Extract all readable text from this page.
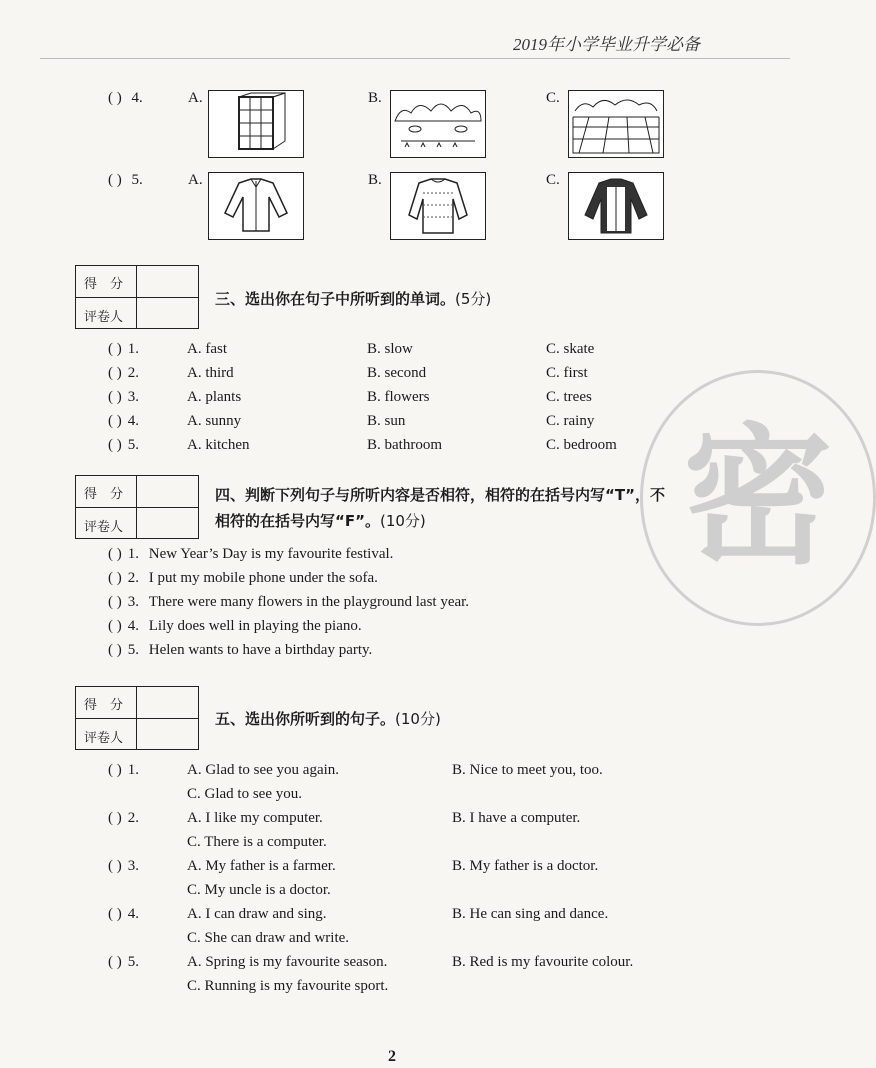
2019年小学毕业升学必备
密
( ) 4.	A.	B.	C.
( ) 5.	A.	B.	C.
得　分
评卷人
三、选出你在句子中所听到的单词。(5分)
( ) 1.	A. fast	B. slow	C. skate
( ) 2.	A. third	B. second	C. first
( ) 3.	A. plants	B. flowers	C. trees
( ) 4.	A. sunny	B. sun	C. rainy
( ) 5.	A. kitchen	B. bathroom	C. bedroom
得　分
评卷人
四、判断下列句子与所听内容是否相符，相符的在括号内写“T”，不
相符的在括号内写“F”。(10分)
( ) 1. New Year’s Day is my favourite festival.
( ) 2. I put my mobile phone under the sofa.
( ) 3. There were many flowers in the playground last year.
( ) 4. Lily does well in playing the piano.
( ) 5. Helen wants to have a birthday party.
得　分
评卷人
五、选出你所听到的句子。(10分)
( ) 1.	A. Glad to see you again.	B. Nice to meet you, too.
C. Glad to see you.
( ) 2.	A. I like my computer.	B. I have a computer.
C. There is a computer.
( ) 3.	A. My father is a farmer.	B. My father is a doctor.
C. My uncle is a doctor.
( ) 4.	A. I can draw and sing.	B. He can sing and dance.
C. She can draw and write.
( ) 5.	A. Spring is my favourite season.	B. Red is my favourite colour.
C. Running is my favourite sport.
2
